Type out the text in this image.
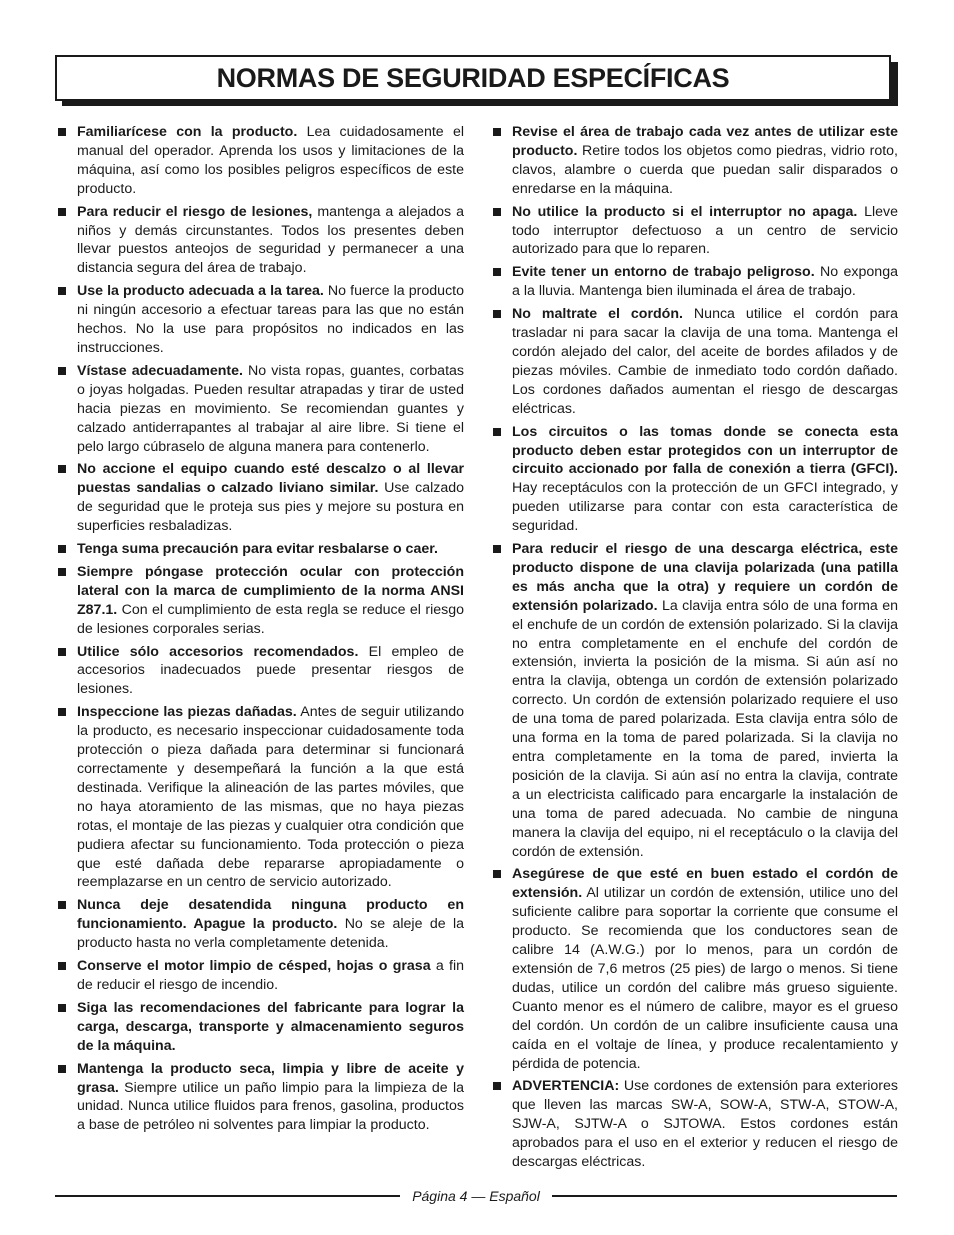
NORMAS DE SEGURIDAD ESPECÍFICAS
Familiarícese con la producto. Lea cuidadosamente el manual del operador. Aprenda los usos y limitaciones de la máquina, así como los posibles peligros específicos de este producto.
Para reducir el riesgo de lesiones, mantenga a alejados a niños y demás circunstantes. Todos los presentes deben llevar puestos anteojos de seguridad y permanecer a una distancia segura del área de trabajo.
Use la producto adecuada a la tarea. No fuerce la producto ni ningún accesorio a efectuar tareas para las que no están hechos. No la use para propósitos no indicados en las instrucciones.
Vístase adecuadamente. No vista ropas, guantes, corbatas o joyas holgadas. Pueden resultar atrapadas y tirar de usted hacia piezas en movimiento. Se recomiendan guantes y calzado antiderrapantes al trabajar al aire libre. Si tiene el pelo largo cúbraselo de alguna manera para contenerlo.
No accione el equipo cuando esté descalzo o al llevar puestas sandalias o calzado liviano similar. Use calzado de seguridad que le proteja sus pies y mejore su postura en superficies resbaladizas.
Tenga suma precaución para evitar resbalarse o caer.
Siempre póngase protección ocular con protección lateral con la marca de cumplimiento de la norma ANSI Z87.1. Con el cumplimiento de esta regla se reduce el riesgo de lesiones corporales serias.
Utilice sólo accesorios recomendados. El empleo de accesorios inadecuados puede presentar riesgos de lesiones.
Inspeccione las piezas dañadas. Antes de seguir utilizando la producto, es necesario inspeccionar cuidadosamente toda protección o pieza dañada para determinar si funcionará correctamente y desempeñará la función a la que está destinada. Verifique la alineación de las partes móviles, que no haya atoramiento de las mismas, que no haya piezas rotas, el montaje de las piezas y cualquier otra condición que pudiera afectar su funcionamiento. Toda protección o pieza que esté dañada debe repararse apropiadamente o reemplazarse en un centro de servicio autorizado.
Nunca deje desatendida ninguna producto en funcionamiento. Apague la producto. No se aleje de la producto hasta no verla completamente detenida.
Conserve el motor limpio de césped, hojas o grasa a fin de reducir el riesgo de incendio.
Siga las recomendaciones del fabricante para lograr la carga, descarga, transporte y almacenamiento seguros de la máquina.
Mantenga la producto seca, limpia y libre de aceite y grasa. Siempre utilice un paño limpio para la limpieza de la unidad. Nunca utilice fluidos para frenos, gasolina, productos a base de petróleo ni solventes para limpiar la producto.
Revise el área de trabajo cada vez antes de utilizar este producto. Retire todos los objetos como piedras, vidrio roto, clavos, alambre o cuerda que puedan salir disparados o enredarse en la máquina.
No utilice la producto si el interruptor no apaga. Lleve todo interruptor defectuoso a un centro de servicio autorizado para que lo reparen.
Evite tener un entorno de trabajo peligroso. No exponga a la lluvia. Mantenga bien iluminada el área de trabajo.
No maltrate el cordón. Nunca utilice el cordón para trasladar ni para sacar la clavija de una toma. Mantenga el cordón alejado del calor, del aceite de bordes afilados y de piezas móviles. Cambie de inmediato todo cordón dañado. Los cordones dañados aumentan el riesgo de descargas eléctricas.
Los circuitos o las tomas donde se conecta esta producto deben estar protegidos con un interruptor de circuito accionado por falla de conexión a tierra (GFCI). Hay receptáculos con la protección de un GFCI integrado, y pueden utilizarse para contar con esta característica de seguridad.
Para reducir el riesgo de una descarga eléctrica, este producto dispone de una clavija polarizada (una patilla es más ancha que la otra) y requiere un cordón de extensión polarizado. La clavija entra sólo de una forma en el enchufe de un cordón de extensión polarizado. Si la clavija no entra completamente en el enchufe del cordón de extensión, invierta la posición de la misma. Si aún así no entra la clavija, obtenga un cordón de extensión polarizado correcto. Un cordón de extensión polarizado requiere el uso de una toma de pared polarizada. Esta clavija entra sólo de una forma en la toma de pared polarizada. Si la clavija no entra completamente en la toma de pared, invierta la posición de la clavija. Si aún así no entra la clavija, contrate a un electricista calificado para encargarle la instalación de una toma de pared adecuada. No cambie de ninguna manera la clavija del equipo, ni el receptáculo o la clavija del cordón de extensión.
Asegúrese de que esté en buen estado el cordón de extensión. Al utilizar un cordón de extensión, utilice uno del suficiente calibre para soportar la corriente que consume el producto. Se recomienda que los conductores sean de calibre 14 (A.W.G.) por lo menos, para un cordón de extensión de 7,6 metros (25 pies) de largo o menos. Si tiene dudas, utilice un cordón del calibre más grueso siguiente. Cuanto menor es el número de calibre, mayor es el grueso del cordón. Un cordón de un calibre insuficiente causa una caída en el voltaje de línea, y produce recalentamiento y pérdida de potencia.
ADVERTENCIA: Use cordones de extensión para exteriores que lleven las marcas SW-A, SOW-A, STW-A, STOW-A, SJW-A, SJTW-A o SJTOWA. Estos cordones están aprobados para el uso en el exterior y reducen el riesgo de descargas eléctricas.
Página 4 — Español
